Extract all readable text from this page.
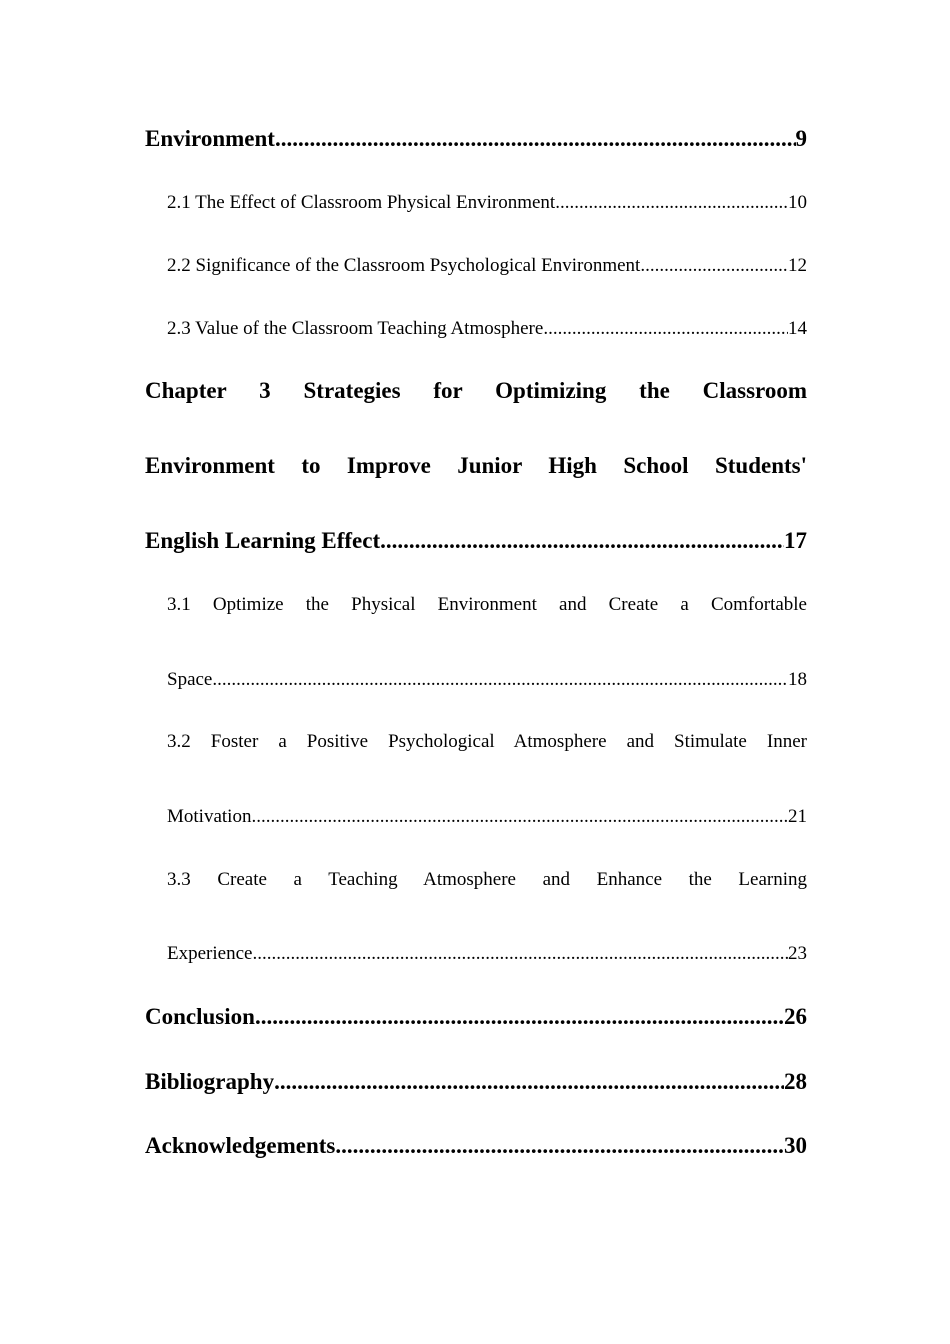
Environment .....	9
2.1 The Effect of Classroom Physical Environment .....	10
2.2 Significance of the Classroom Psychological Environment .....	12
2.3 Value of the Classroom Teaching Atmosphere .....	14
Chapter 3 Strategies for Optimizing the Classroom
Environment to Improve Junior High School Students'
English Learning Effect .....	17
3.1 Optimize the Physical Environment and Create a Comfortable
Space .....	18
3.2 Foster a Positive Psychological Atmosphere and Stimulate Inner
Motivation .....	21
3.3 Create a Teaching Atmosphere and Enhance the Learning
Experience .....	23
Conclusion .....	26
Bibliography .....	28
Acknowledgements .....	30
